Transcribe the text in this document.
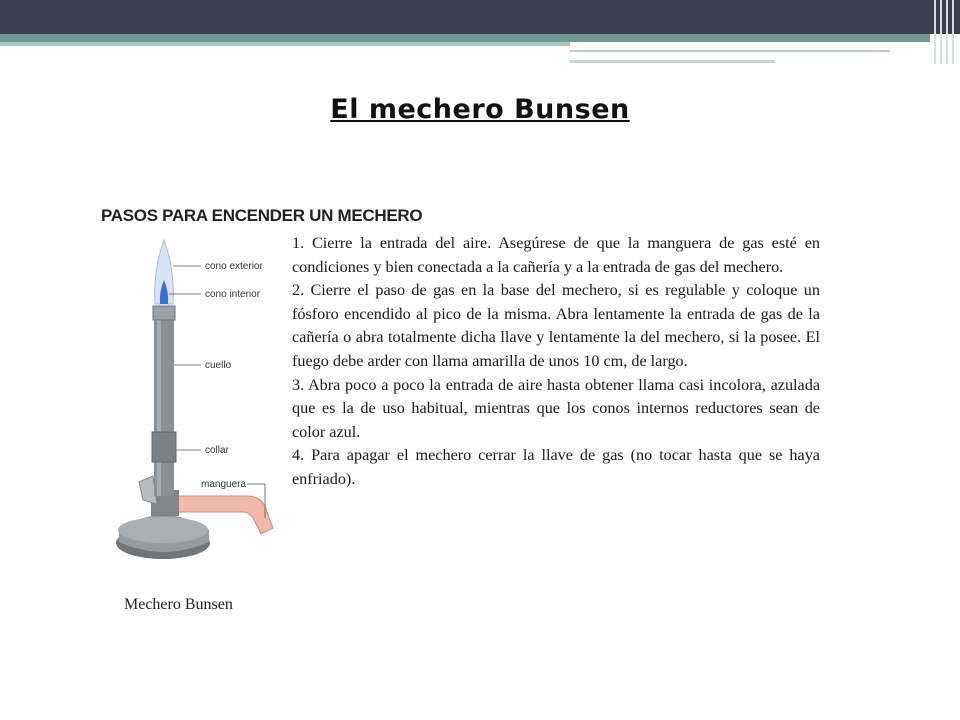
El mechero Bunsen
PASOS PARA ENCENDER UN MECHERO
cono exterior
cono interior
cuello
collar
manguera

1. Cierre la entrada del aire. Asegúrese de que la manguera de gas esté en condiciones y bien conectada a la cañería y a la entrada de gas del mechero.

2. Cierre el paso de gas en la base del mechero, si es regulable y coloque un fósforo encendido al pico de la misma. Abra lentamente la entrada de gas de la cañería o abra totalmente dicha llave y lentamente la del mechero, si la posee. El fuego debe arder con llama amarilla de unos 10 cm, de largo.

3. Abra poco a poco la entrada de aire hasta obtener llama casi incolora, azulada que es la de uso habitual, mientras que los conos internos reductores sean de color azul.

4. Para apagar el mechero cerrar la llave de gas (no tocar hasta que se haya enfriado).

Mechero Bunsen
